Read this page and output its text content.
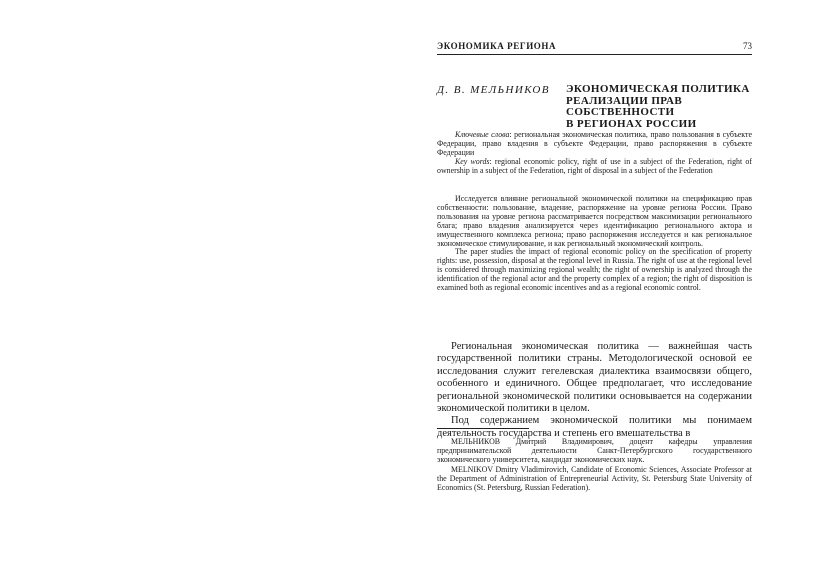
ЭКОНОМИКА РЕГИОНА	73
Д. В. МЕЛЬНИКОВ ЭКОНОМИЧЕСКАЯ ПОЛИТИКА
РЕАЛИЗАЦИИ ПРАВ
СОБСТВЕННОСТИ
В РЕГИОНАХ РОССИИ

Ключевые слова: региональная экономическая политика, право пользования в субъекте Федерации, право владения в субъекте Федерации, право распоряжения в субъекте Федерации

Key words: regional economic policy, right of use in a subject of the Federation, right of ownership in a subject of the Federation, right of disposal in a subject of the Federation

Исследуется влияние региональной экономической политики на спецификацию прав собственности: пользование, владение, распоряжение на уровне региона России. Право пользования на уровне региона рассматривается посредством максимизации регионального блага; право владения анализируется через идентификацию регионального актора и имущественного комплекса региона; право распоряжения исследуется и как региональное экономическое стимулирование, и как региональный экономический контроль.

The paper studies the impact of regional economic policy on the specification of property rights: use, possession, disposal at the regional level in Russia. The right of use at the regional level is considered through maximizing regional wealth; the right of ownership is analyzed through the identification of the regional actor and the property complex of a region; the right of disposition is examined both as regional economic incentives and as a regional economic control.

Региональная экономическая политика — важнейшая часть государственной политики страны. Методологической основой ее исследования служит гегелевская диалектика взаимосвязи общего, особенного и единичного. Общее предполагает, что исследование региональной экономической политики основывается на содержании экономической политики в целом.

Под содержанием экономической политики мы понимаем деятельность государства и степень его вмешательства в

МЕЛЬНИКОВ Дмитрий Владимирович, доцент кафедры управления предпринимательской деятельности Санкт-Петербургского государственного экономического университета, кандидат экономических наук.

MELNIKOV Dmitry Vladimirovich, Candidate of Economic Sciences, Associate Professor at the Department of Administration of Entrepreneurial Activity, St. Petersburg State University of Economics (St. Petersburg, Russian Federation).
